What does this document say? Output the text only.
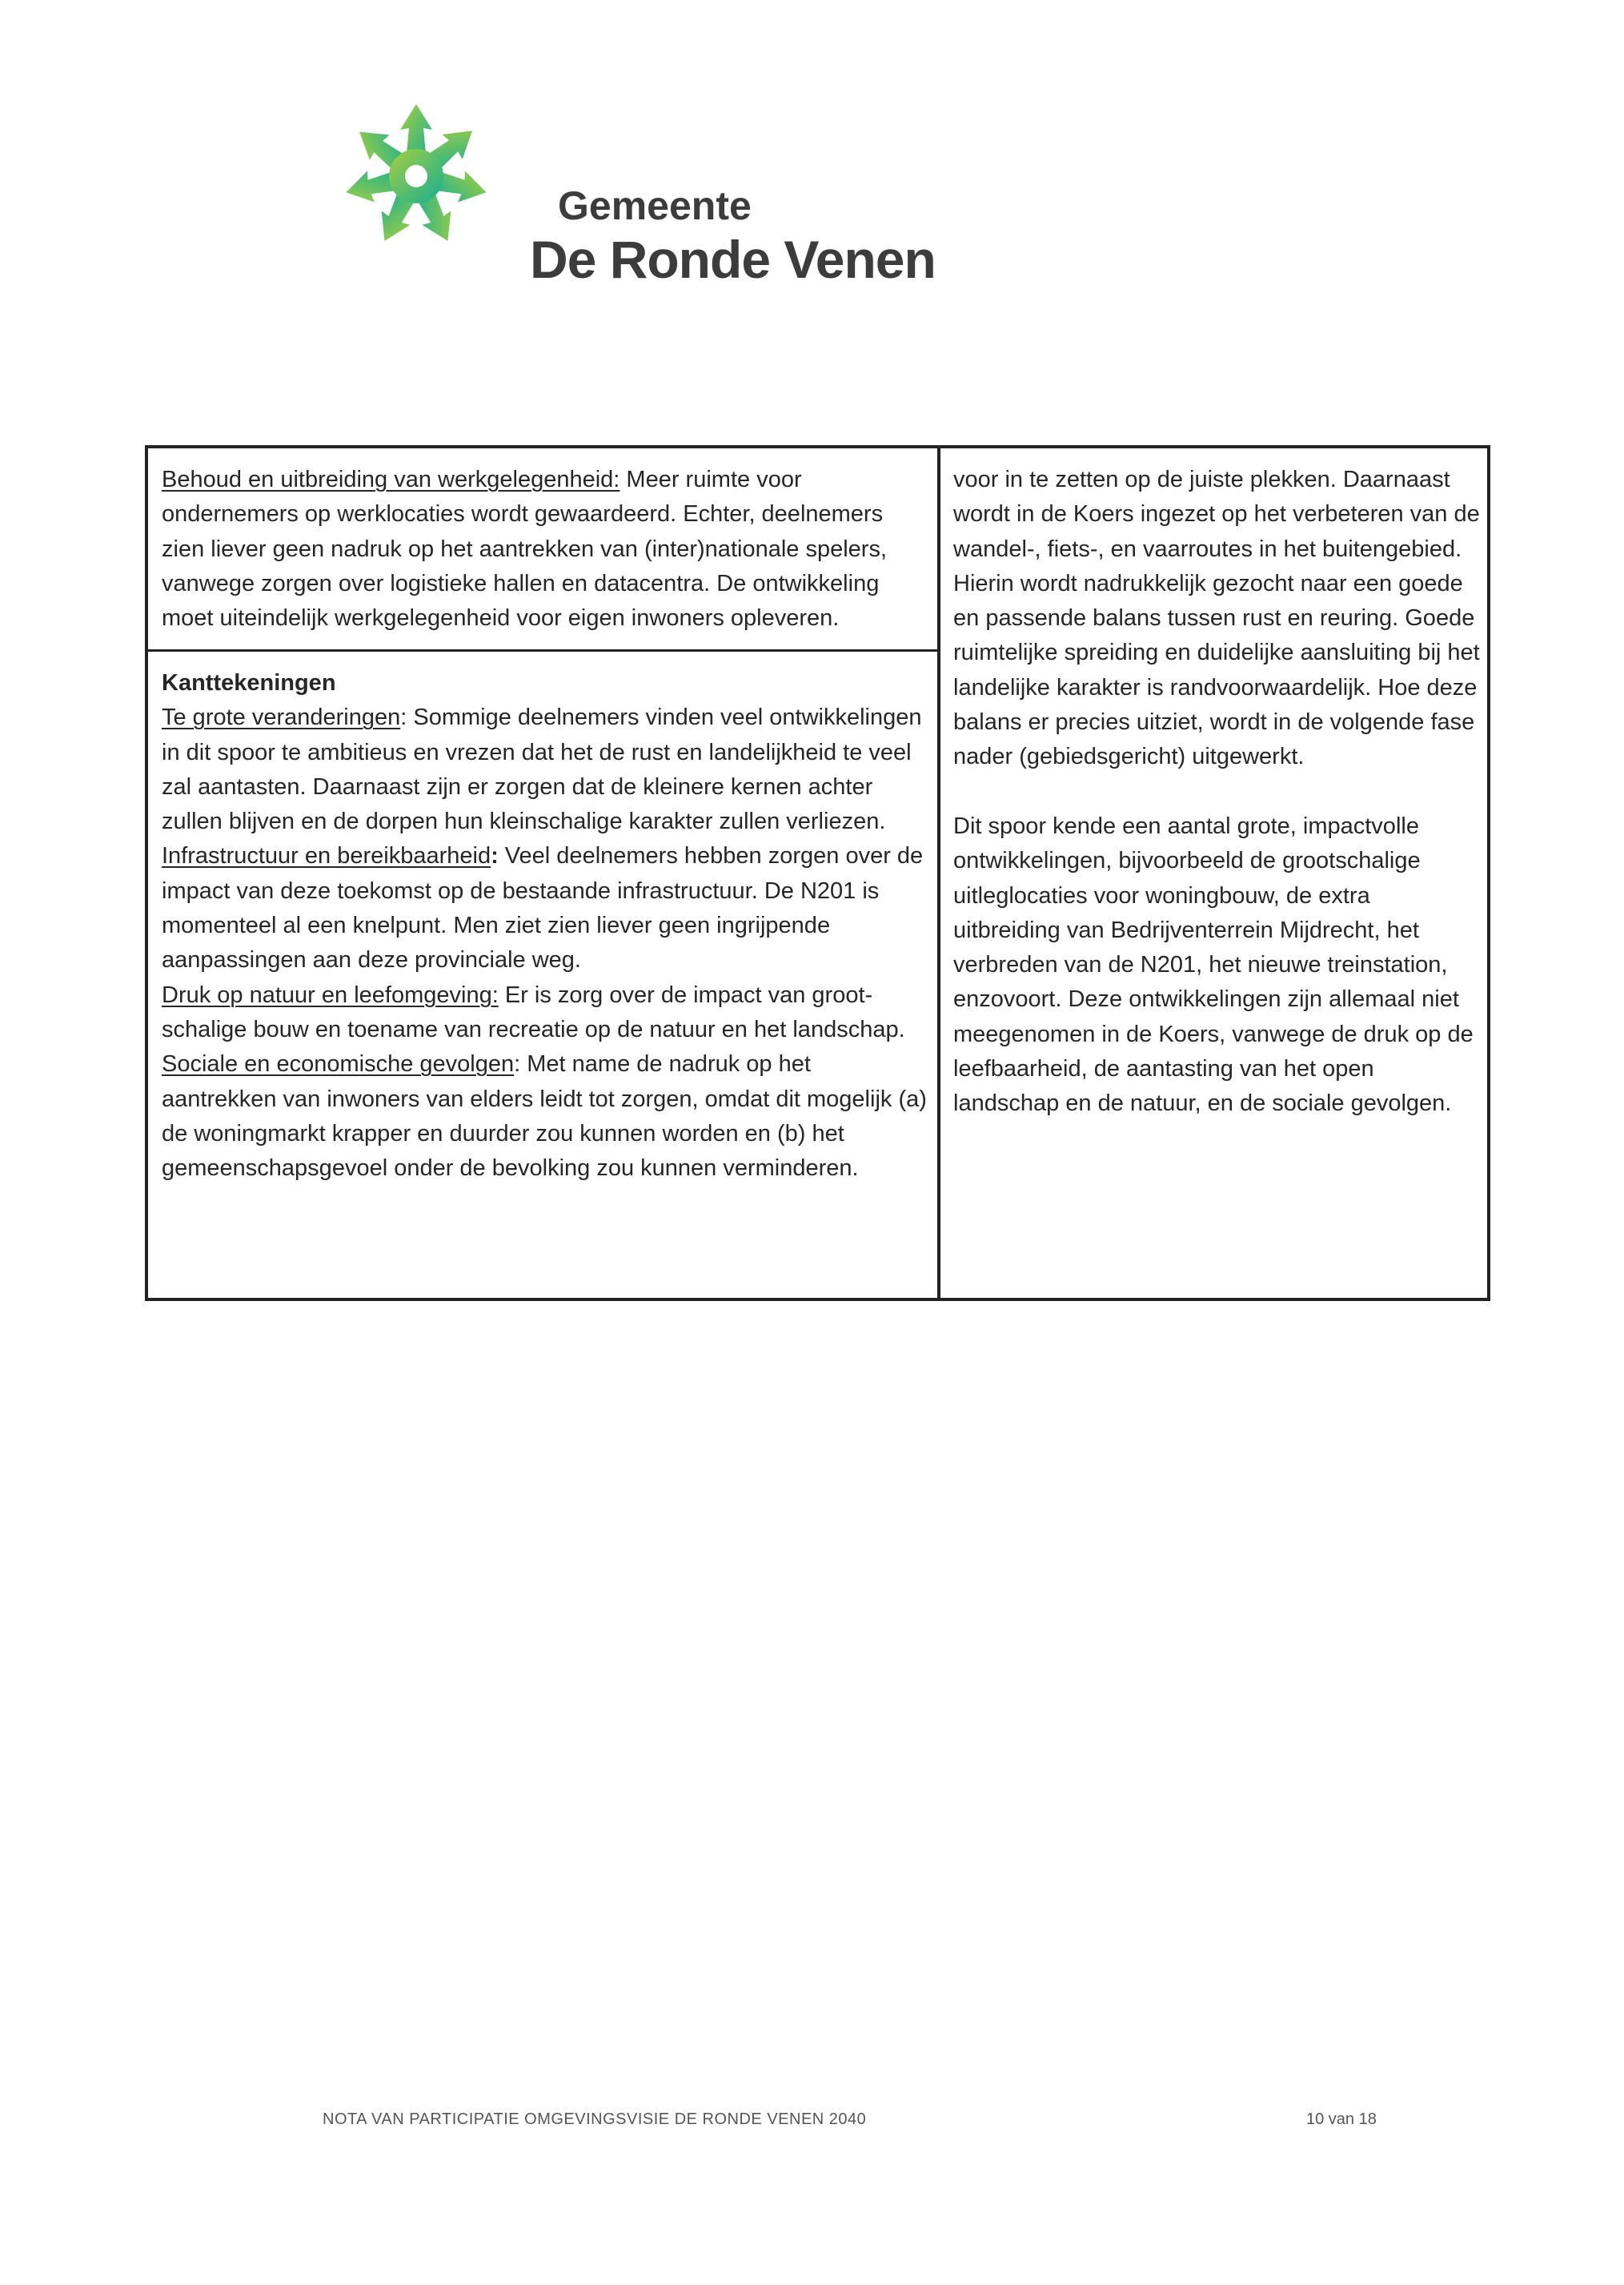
Gemeente
De Ronde Venen

Behoud en uitbreiding van werkgelegenheid: Meer ruimte voor ondernemers op werklocaties wordt gewaardeerd. Echter, deelnemers zien liever geen nadruk op het aantrekken van (inter)nationale spelers, vanwege zorgen over logistieke hallen en datacentra. De ontwikkeling moet uiteindelijk werkgelegenheid voor eigen inwoners opleveren.

Kanttekeningen
Te grote veranderingen: Sommige deelnemers vinden veel ontwikkelingen in dit spoor te ambitieus en vrezen dat het de rust en landelijkheid te veel zal aantasten. Daarnaast zijn er zorgen dat de kleinere kernen achter zullen blijven en de dorpen hun kleinschalige karakter zullen verliezen.
Infrastructuur en bereikbaarheid: Veel deelnemers hebben zorgen over de impact van deze toekomst op de bestaande infrastructuur. De N201 is momenteel al een knelpunt. Men ziet zien liever geen ingrijpende aanpassingen aan deze provinciale weg.
Druk op natuur en leefomgeving: Er is zorg over de impact van groot-schalige bouw en toename van recreatie op de natuur en het landschap.
Sociale en economische gevolgen: Met name de nadruk op het aantrekken van inwoners van elders leidt tot zorgen, omdat dit mogelijk (a) de woningmarkt krapper en duurder zou kunnen worden en (b) het gemeenschapsgevoel onder de bevolking zou kunnen verminderen.
voor in te zetten op de juiste plekken. Daarnaast wordt in de Koers ingezet op het verbeteren van de wandel-, fiets-, en vaarroutes in het buitengebied. Hierin wordt nadrukkelijk gezocht naar een goede en passende balans tussen rust en reuring. Goede ruimtelijke spreiding en duidelijke aansluiting bij het landelijke karakter is randvoorwaardelijk. Hoe deze balans er precies uitziet, wordt in de volgende fase nader (gebiedsgericht) uitgewerkt.
Dit spoor kende een aantal grote, impactvolle ontwikkelingen, bijvoorbeeld de grootschalige uitleglocaties voor woningbouw, de extra uitbreiding van Bedrijventerrein Mijdrecht, het verbreden van de N201, het nieuwe treinstation, enzovoort. Deze ontwikkelingen zijn allemaal niet meegenomen in de Koers, vanwege de druk op de leefbaarheid, de aantasting van het open landschap en de natuur, en de sociale gevolgen.
NOTA VAN PARTICIPATIE OMGEVINGSVISIE DE RONDE VENEN 2040	10 van 18
